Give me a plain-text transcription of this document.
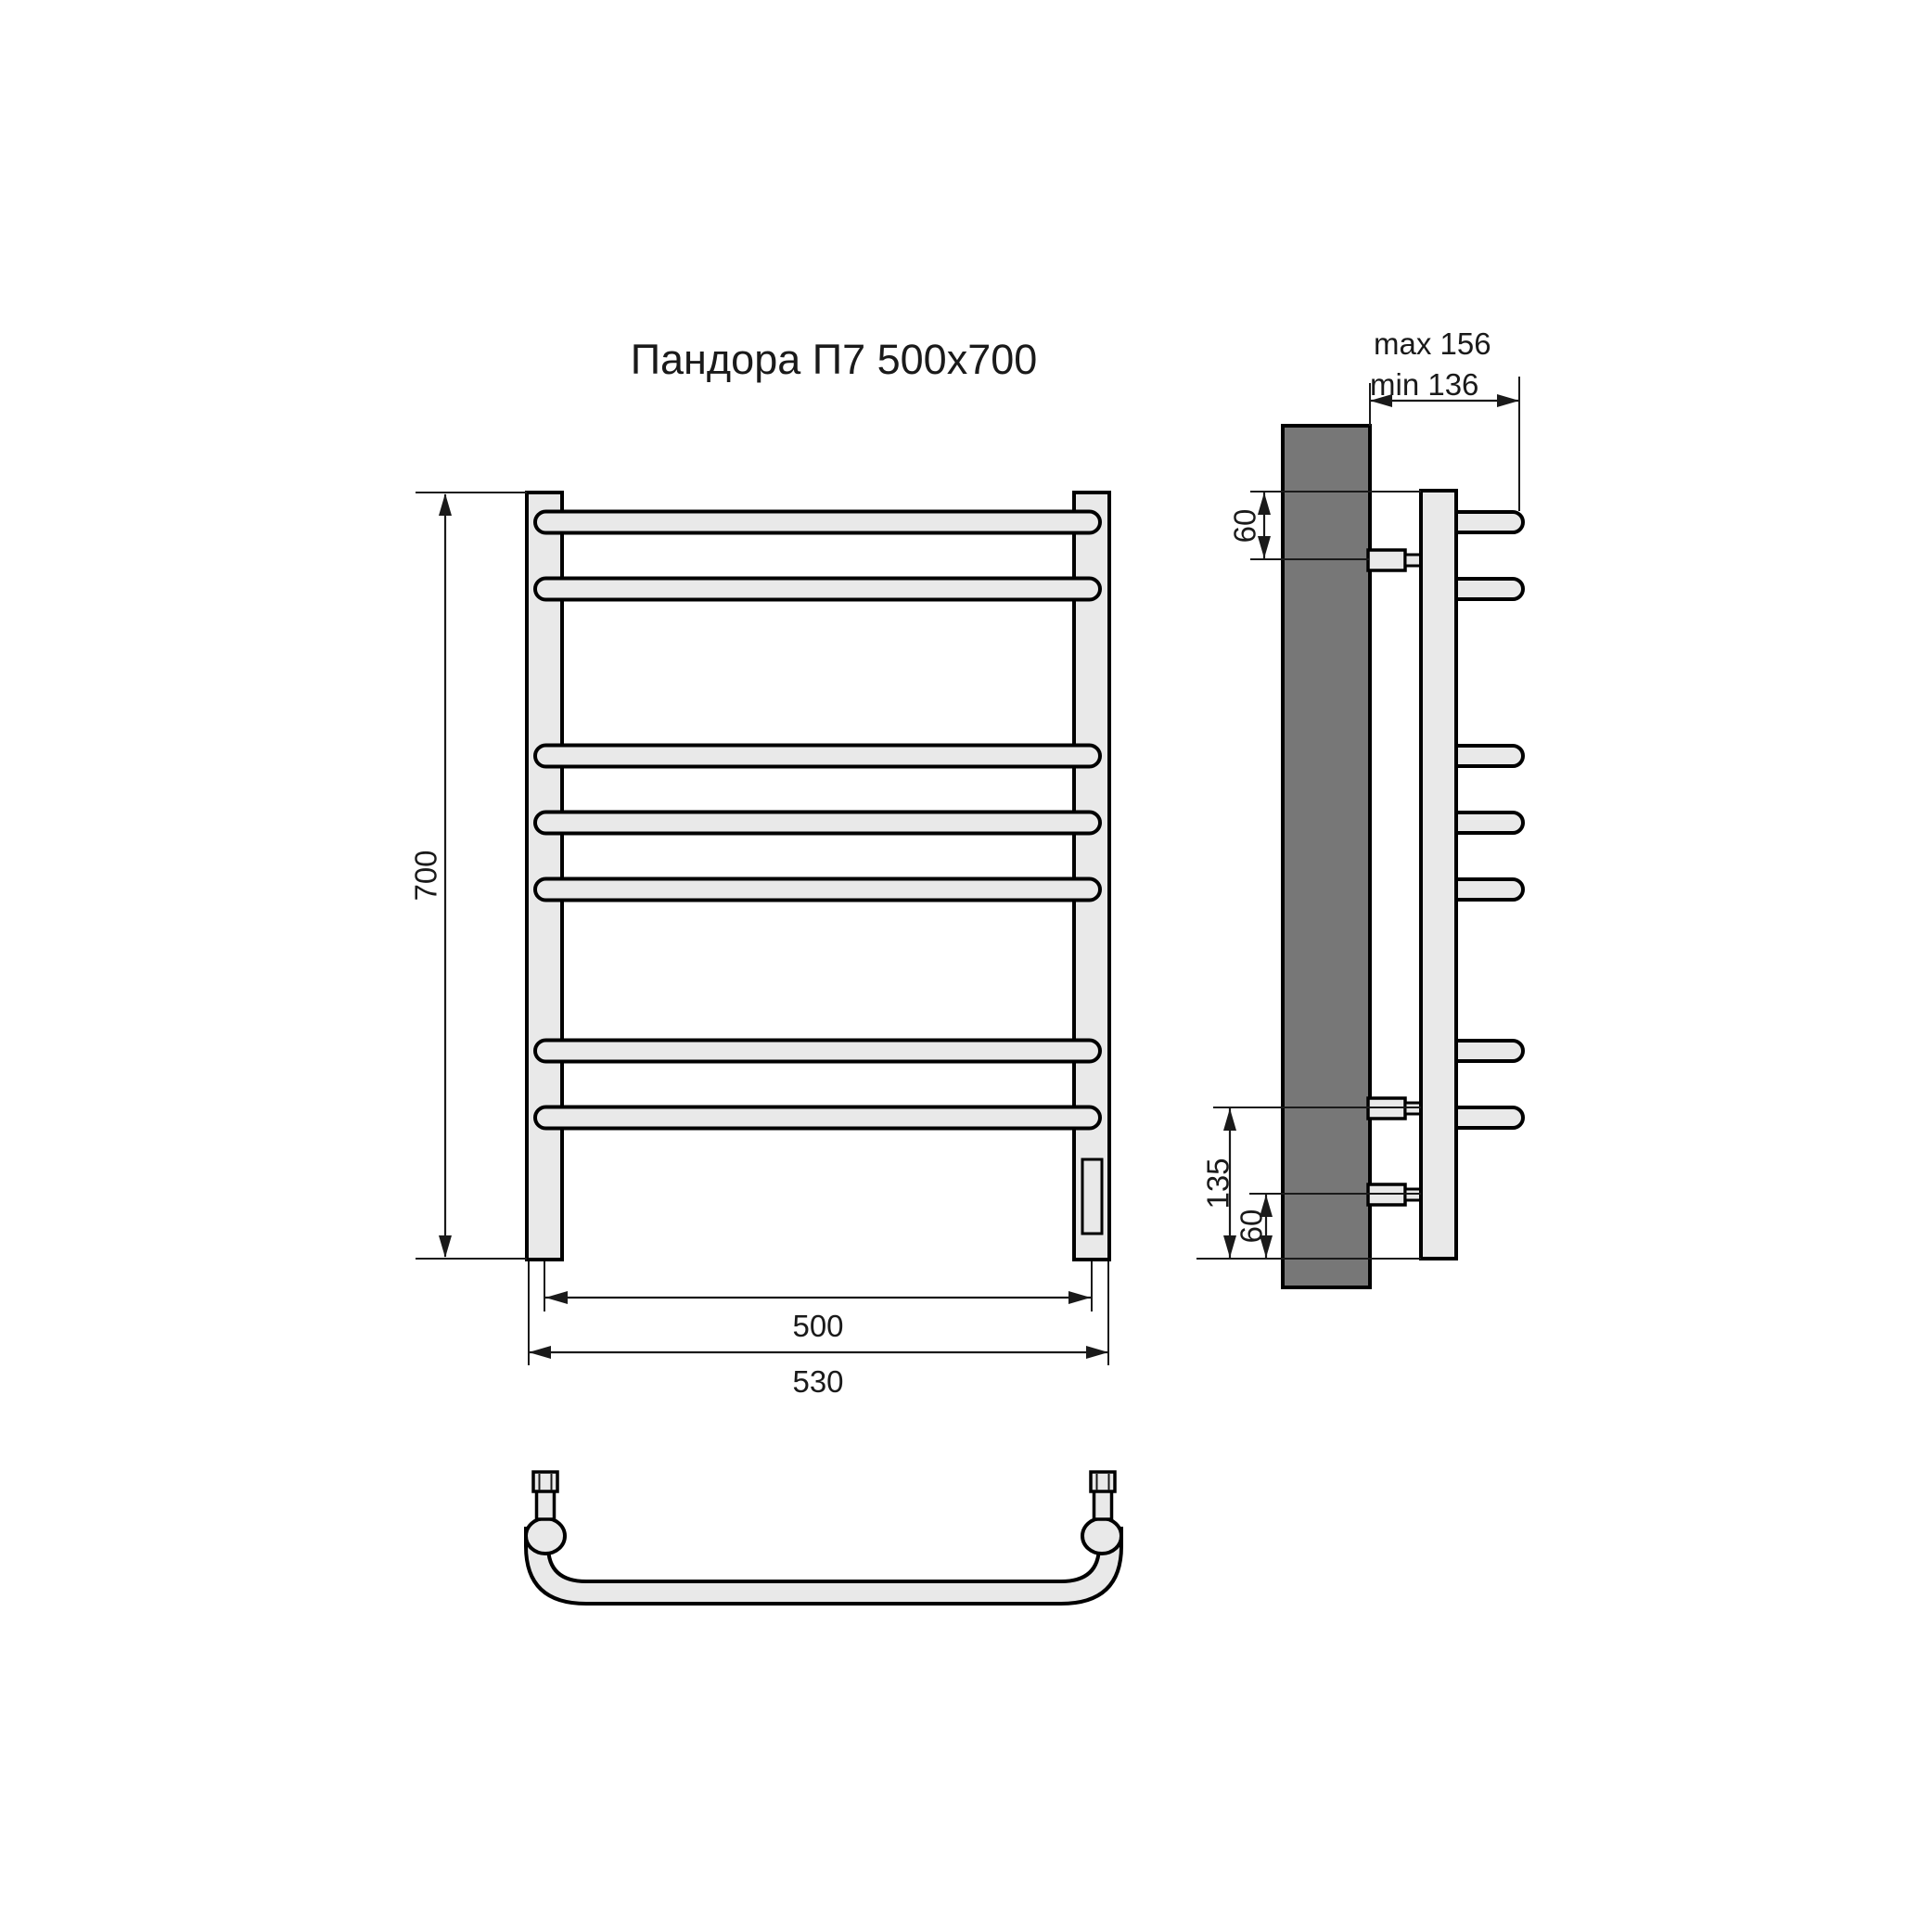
Пандора П7 500x700
700
500
530
max 156
min 136
60
135
60
